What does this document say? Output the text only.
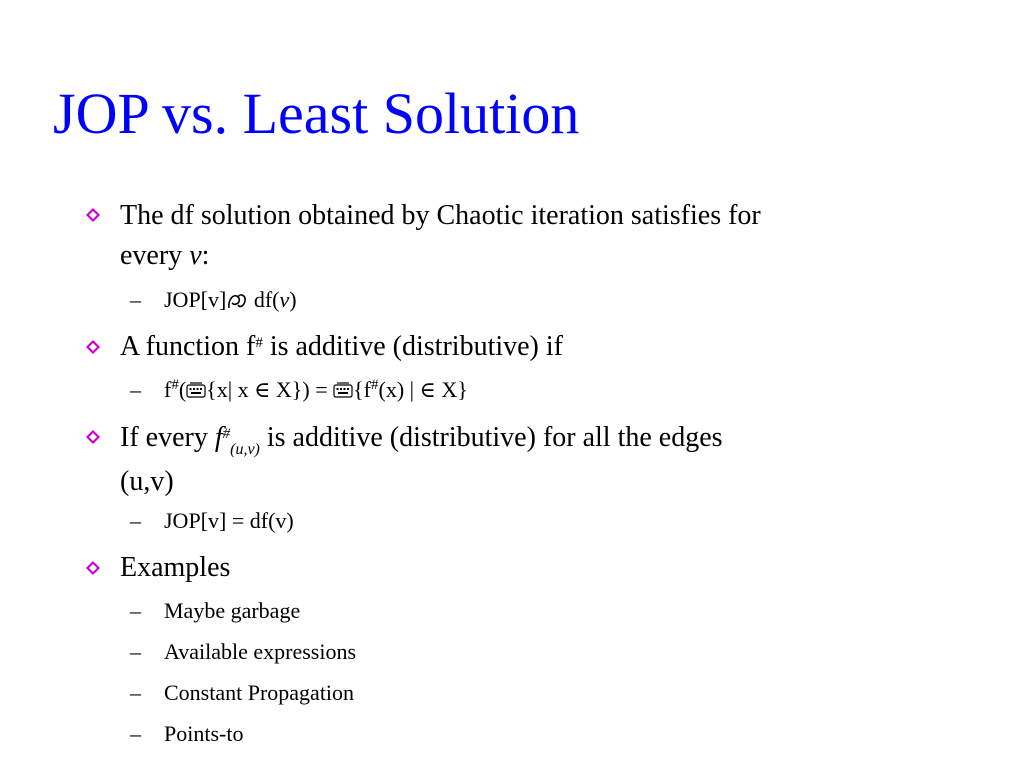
JOP vs. Least Solution
The df solution obtained by Chaotic iteration satisfies for
every v:
– JOP[v]
df(v)
A function f# is additive (distributive) if
– f#( {x| x ∈ X}) =
{f#(x) | ∈ X}
If every $f^{\#}_{(u,v)}$ is additive (distributive) for all the edges
(u,v)
– JOP[v] = df(v)
Examples
– Maybe garbage
– Available expressions
– Constant Propagation
– Points-to
